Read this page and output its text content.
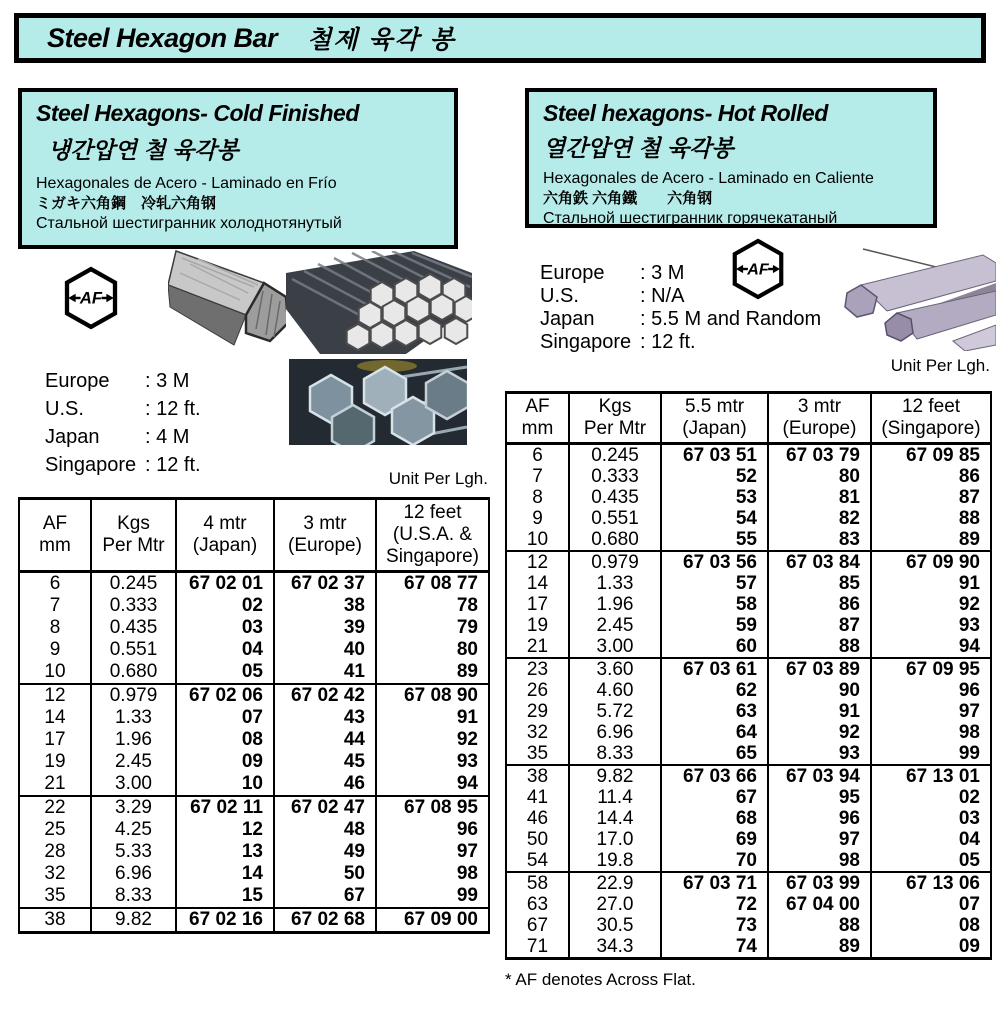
Steel Hexagon Bar 철제 육각 봉
Steel Hexagons- Cold Finished
냉간압연 철 육각봉
Hexagonales de Acero - Laminado en Frío
ミガキ六角鋼　冷轧六角钢
Стальной шестигранник холоднотянутый
Steel hexagons- Hot Rolled
열간압연 철 육각봉
Hexagonales de Acero - Laminado en Caliente
六角鉄 六角鐵　　六角钢
Стальной шестигранник горячекатаный
AF
AF
Europe	: 3 M
U.S.	: 12 ft.
Japan	: 4 M
Singapore : 12 ft.
Europe	: 3 M
U.S.	: N/A
Japan	: 5.5 M and Random
Singapore : 12 ft.
Unit Per Lgh.
Unit Per Lgh.
AF
mm

Kgs
Per Mtr

4 mtr
(Japan)

3 mtr
(Europe)

12 feet
(U.S.A. &
Singapore)

6	0.245	67 02 01	67 02 37	67 08 77
7	0.333	02	38	78
8	0.435	03	39	79
9	0.551	04	40	80
10	0.680	05	41	89
12	0.979	67 02 06	67 02 42	67 08 90
14	1.33	07	43	91
17	1.96	08	44	92
19	2.45	09	45	93
21	3.00	10	46	94
22	3.29	67 02 11	67 02 47	67 08 95
25	4.25	12	48	96
28	5.33	13	49	97
32	6.96	14	50	98
35	8.33	15	67	99
38	9.82	67 02 16	67 02 68	67 09 00
AF
mm

Kgs
Per Mtr

5.5 mtr
(Japan)

3 mtr
(Europe)

12 feet
(Singapore)

6	0.245	67 03 51	67 03 79	67 09 85
7	0.333	52	80	86
8	0.435	53	81	87
9	0.551	54	82	88
10	0.680	55	83	89
12	0.979	67 03 56	67 03 84	67 09 90
14	1.33	57	85	91
17	1.96	58	86	92
19	2.45	59	87	93
21	3.00	60	88	94
23	3.60	67 03 61	67 03 89	67 09 95
26	4.60	62	90	96
29	5.72	63	91	97
32	6.96	64	92	98
35	8.33	65	93	99
38	9.82	67 03 66	67 03 94	67 13 01
41	11.4	67	95	02
46	14.4	68	96	03
50	17.0	69	97	04
54	19.8	70	98	05
58	22.9	67 03 71	67 03 99	67 13 06
63	27.0	72	67 04 00	07
67	30.5	73	88	08
71	34.3	74	89	09
* AF denotes Across Flat.
